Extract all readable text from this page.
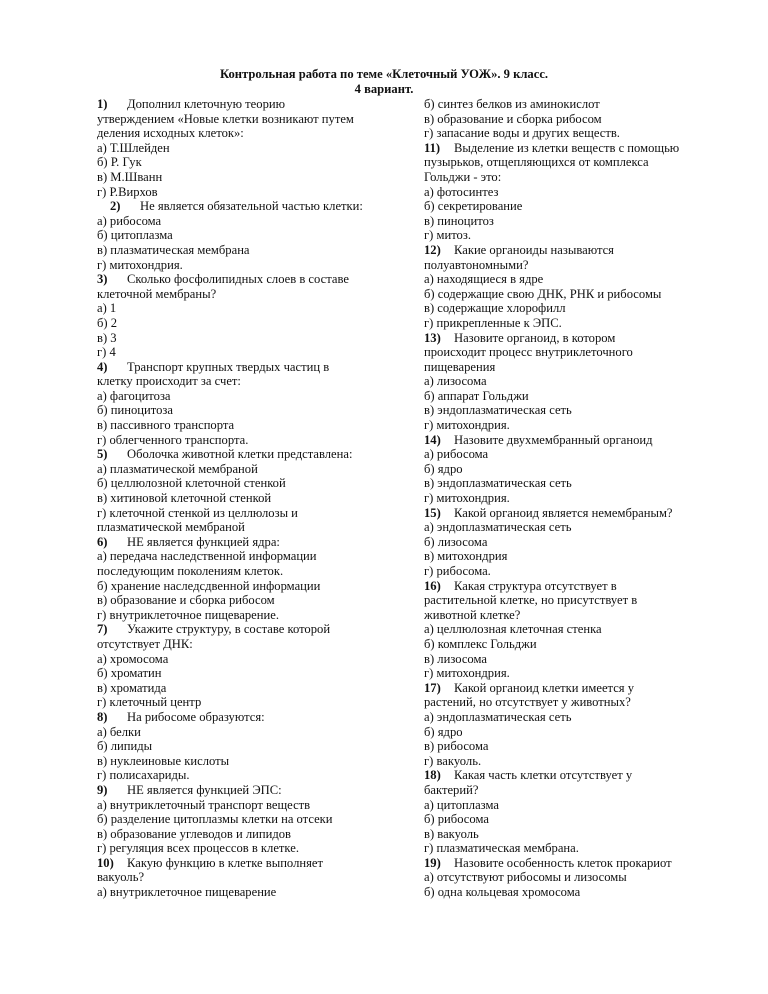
Контрольная работа по теме «Клеточный УОЖ». 9 класс.
4 вариант.
1) Дополнил клеточную теорию
утверждением «Новые клетки возникают путем
деления исходных клеток»:
а) Т.Шлейден
б) Р. Гук
в) М.Шванн
г) Р.Вирхов
2) Не является обязательной частью клетки:
а) рибосома
б) цитоплазма
в) плазматическая мембрана
г) митохондрия.
3) Сколько фосфолипидных слоев в составе
клеточной мембраны?
а) 1
б) 2
в) 3
г) 4
4) Транспорт крупных твердых частиц в
клетку происходит за счет:
а) фагоцитоза
б) пиноцитоза
в) пассивного транспорта
г) облегченного транспорта.
5) Оболочка животной клетки представлена:
а) плазматической мембраной
б) целлюлозной клеточной стенкой
в) хитиновой клеточной стенкой
г) клеточной стенкой из целлюлозы и
плазматической мембраной
6) НЕ является функцией ядра:
а) передача наследственной информации
последующим поколениям клеток.
б) хранение наследсдвенной информации
в) образование и сборка рибосом
г) внутриклеточное пищеварение.
7) Укажите структуру, в составе которой
отсутствует ДНК:
а) хромосома
б) хроматин
в) хроматида
г) клеточный центр
8) На рибосоме образуются:
а) белки
б) липиды
в) нуклеиновые кислоты
г) полисахариды.
9) НЕ является функцией ЭПС:
а) внутриклеточный транспорт веществ
б) разделение цитоплазмы клетки на отсеки
в) образование углеводов и липидов
г) регуляция всех процессов в клетке.
10) Какую функцию в клетке выполняет
вакуоль?
а) внутриклеточное пищеварение
б) синтез белков из аминокислот
в) образование и сборка рибосом
г) запасание воды и других веществ.
11) Выделение из клетки веществ с помощью
пузырьков, отщепляющихся от комплекса
Гольджи - это:
а) фотосинтез
б) секретирование
в) пиноцитоз
г) митоз.
12) Какие органоиды называются
полуавтономными?
а) находящиеся в ядре
б) содержащие свою ДНК, РНК и рибосомы
в) содержащие хлорофилл
г) прикрепленные к ЭПС.
13) Назовите органоид, в котором
происходит процесс внутриклеточного
пищеварения
а) лизосома
б) аппарат Гольджи
в) эндоплазматическая сеть
г) митохондрия.
14) Назовите двухмембранный органоид
а) рибосома
б) ядро
в) эндоплазматическая сеть
г) митохондрия.
15) Какой органоид является немембраным?
а) эндоплазматическая сеть
б) лизосома
в) митохондрия
г) рибосома.
16) Какая структура отсутствует в
растительной клетке, но присутствует в
животной клетке?
а) целлюлозная клеточная стенка
б) комплекс Гольджи
в) лизосома
г) митохондрия.
17) Какой органоид клетки имеется у
растений, но отсутствует у животных?
а) эндоплазматическая сеть
б) ядро
в) рибосома
г) вакуоль.
18) Какая часть клетки отсутствует у
бактерий?
а) цитоплазма
б) рибосома
в) вакуоль
г) плазматическая мембрана.
19) Назовите особенность клеток прокариот
а) отсутствуют рибосомы и лизосомы
б) одна кольцевая хромосома
